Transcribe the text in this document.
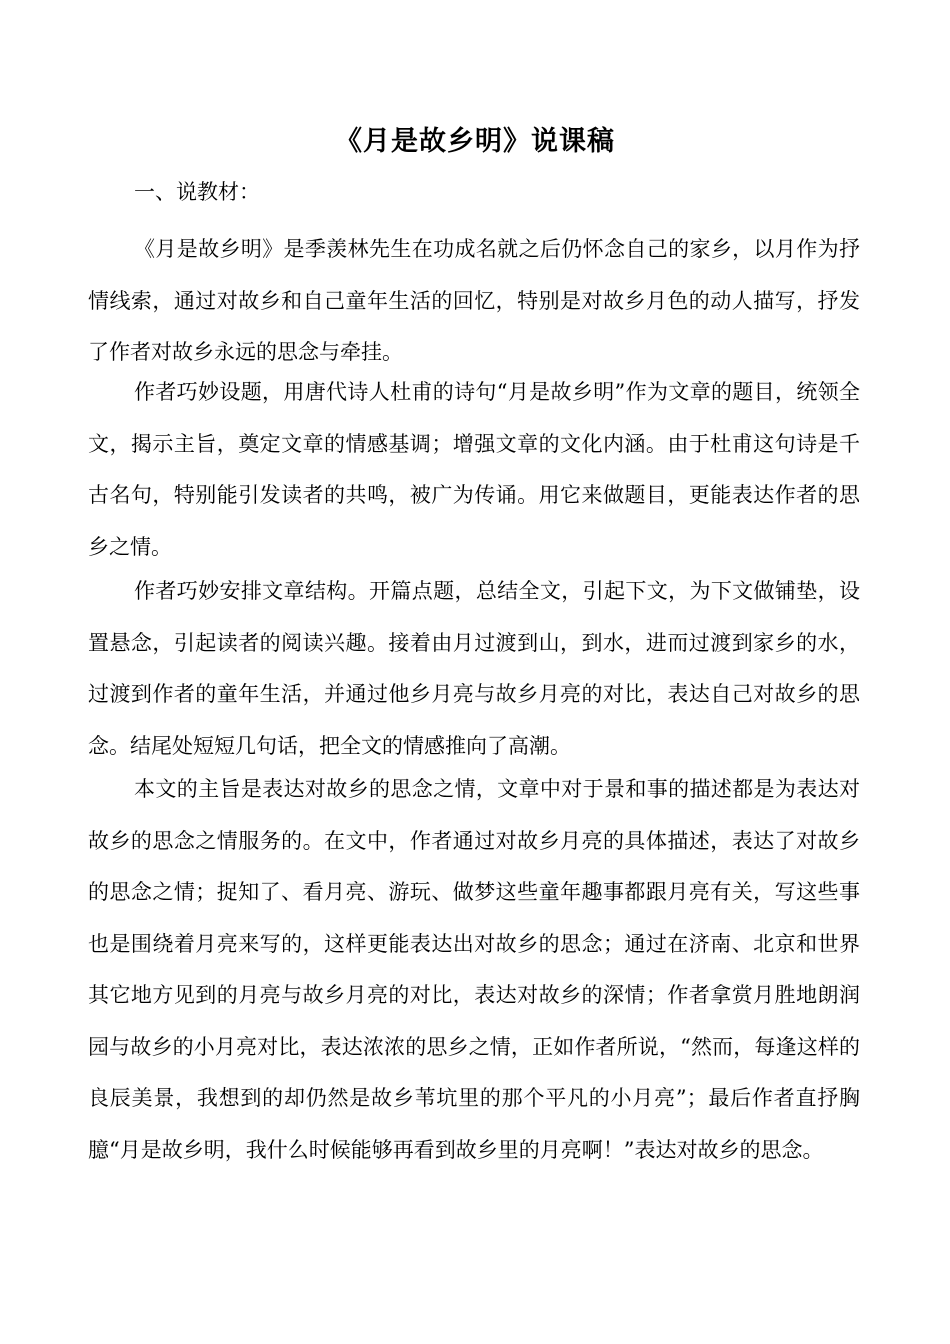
《月是故乡明》说课稿

一、说教材：

《月是故乡明》是季羡林先生在功成名就之后仍怀念自己的家乡，以月作为抒情线索，通过对故乡和自己童年生活的回忆，特别是对故乡月色的动人描写，抒发了作者对故乡永远的思念与牵挂。

作者巧妙设题，用唐代诗人杜甫的诗句“月是故乡明”作为文章的题目，统领全文，揭示主旨，奠定文章的情感基调；增强文章的文化内涵。由于杜甫这句诗是千古名句，特别能引发读者的共鸣，被广为传诵。用它来做题目，更能表达作者的思乡之情。

作者巧妙安排文章结构。开篇点题，总结全文，引起下文，为下文做铺垫，设置悬念，引起读者的阅读兴趣。接着由月过渡到山，到水，进而过渡到家乡的水，过渡到作者的童年生活，并通过他乡月亮与故乡月亮的对比，表达自己对故乡的思念。结尾处短短几句话，把全文的情感推向了高潮。

本文的主旨是表达对故乡的思念之情，文章中对于景和事的描述都是为表达对故乡的思念之情服务的。在文中，作者通过对故乡月亮的具体描述，表达了对故乡的思念之情；捉知了、看月亮、游玩、做梦这些童年趣事都跟月亮有关，写这些事也是围绕着月亮来写的，这样更能表达出对故乡的思念；通过在济南、北京和世界其它地方见到的月亮与故乡月亮的对比，表达对故乡的深情；作者拿赏月胜地朗润园与故乡的小月亮对比，表达浓浓的思乡之情，正如作者所说，“然而，每逢这样的良辰美景，我想到的却仍然是故乡苇坑里的那个平凡的小月亮”；最后作者直抒胸臆“月是故乡明，我什么时候能够再看到故乡里的月亮啊！”表达对故乡的思念。
